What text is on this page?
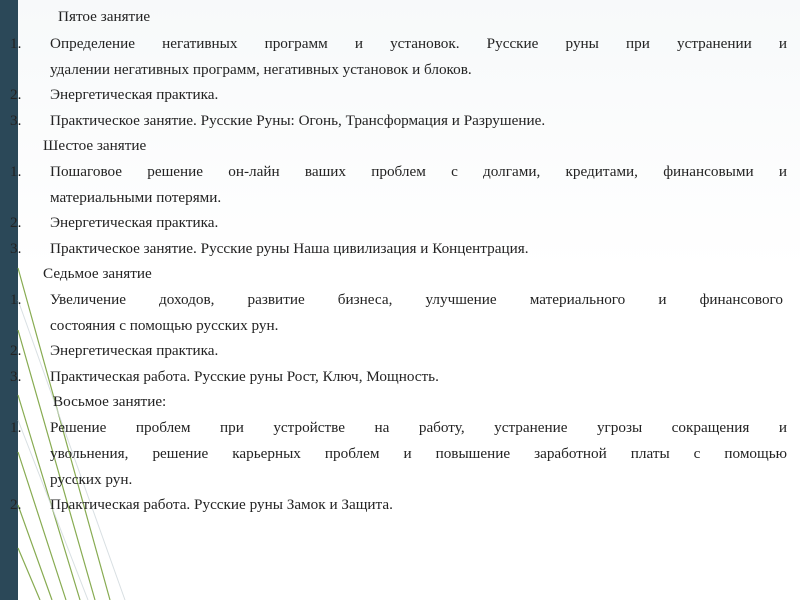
Пятое занятие
1. Определение негативных программ и установок. Русские руны при устранении и
удалении негативных программ, негативных установок и блоков.
2. Энергетическая практика.
3. Практическое занятие. Русские Руны: Огонь, Трансформация и Разрушение.
Шестое занятие
1. Пошаговое решение он-лайн ваших проблем с долгами, кредитами, финансовыми и
материальными потерями.
2. Энергетическая практика.
3. Практическое занятие. Русские руны Наша цивилизация и Концентрация.
Седьмое занятие
1. Увеличение доходов, развитие бизнеса, улучшение материального и финансового
состояния с помощью русских рун.
2. Энергетическая практика.
3. Практическая работа. Русские руны Рост, Ключ, Мощность.
Восьмое занятие:
1. Решение проблем при устройстве на работу, устранение угрозы сокращения и
увольнения, решение карьерных проблем и повышение заработной платы с помощью
русских рун.
2. Практическая работа. Русские руны Замок и Защита.
